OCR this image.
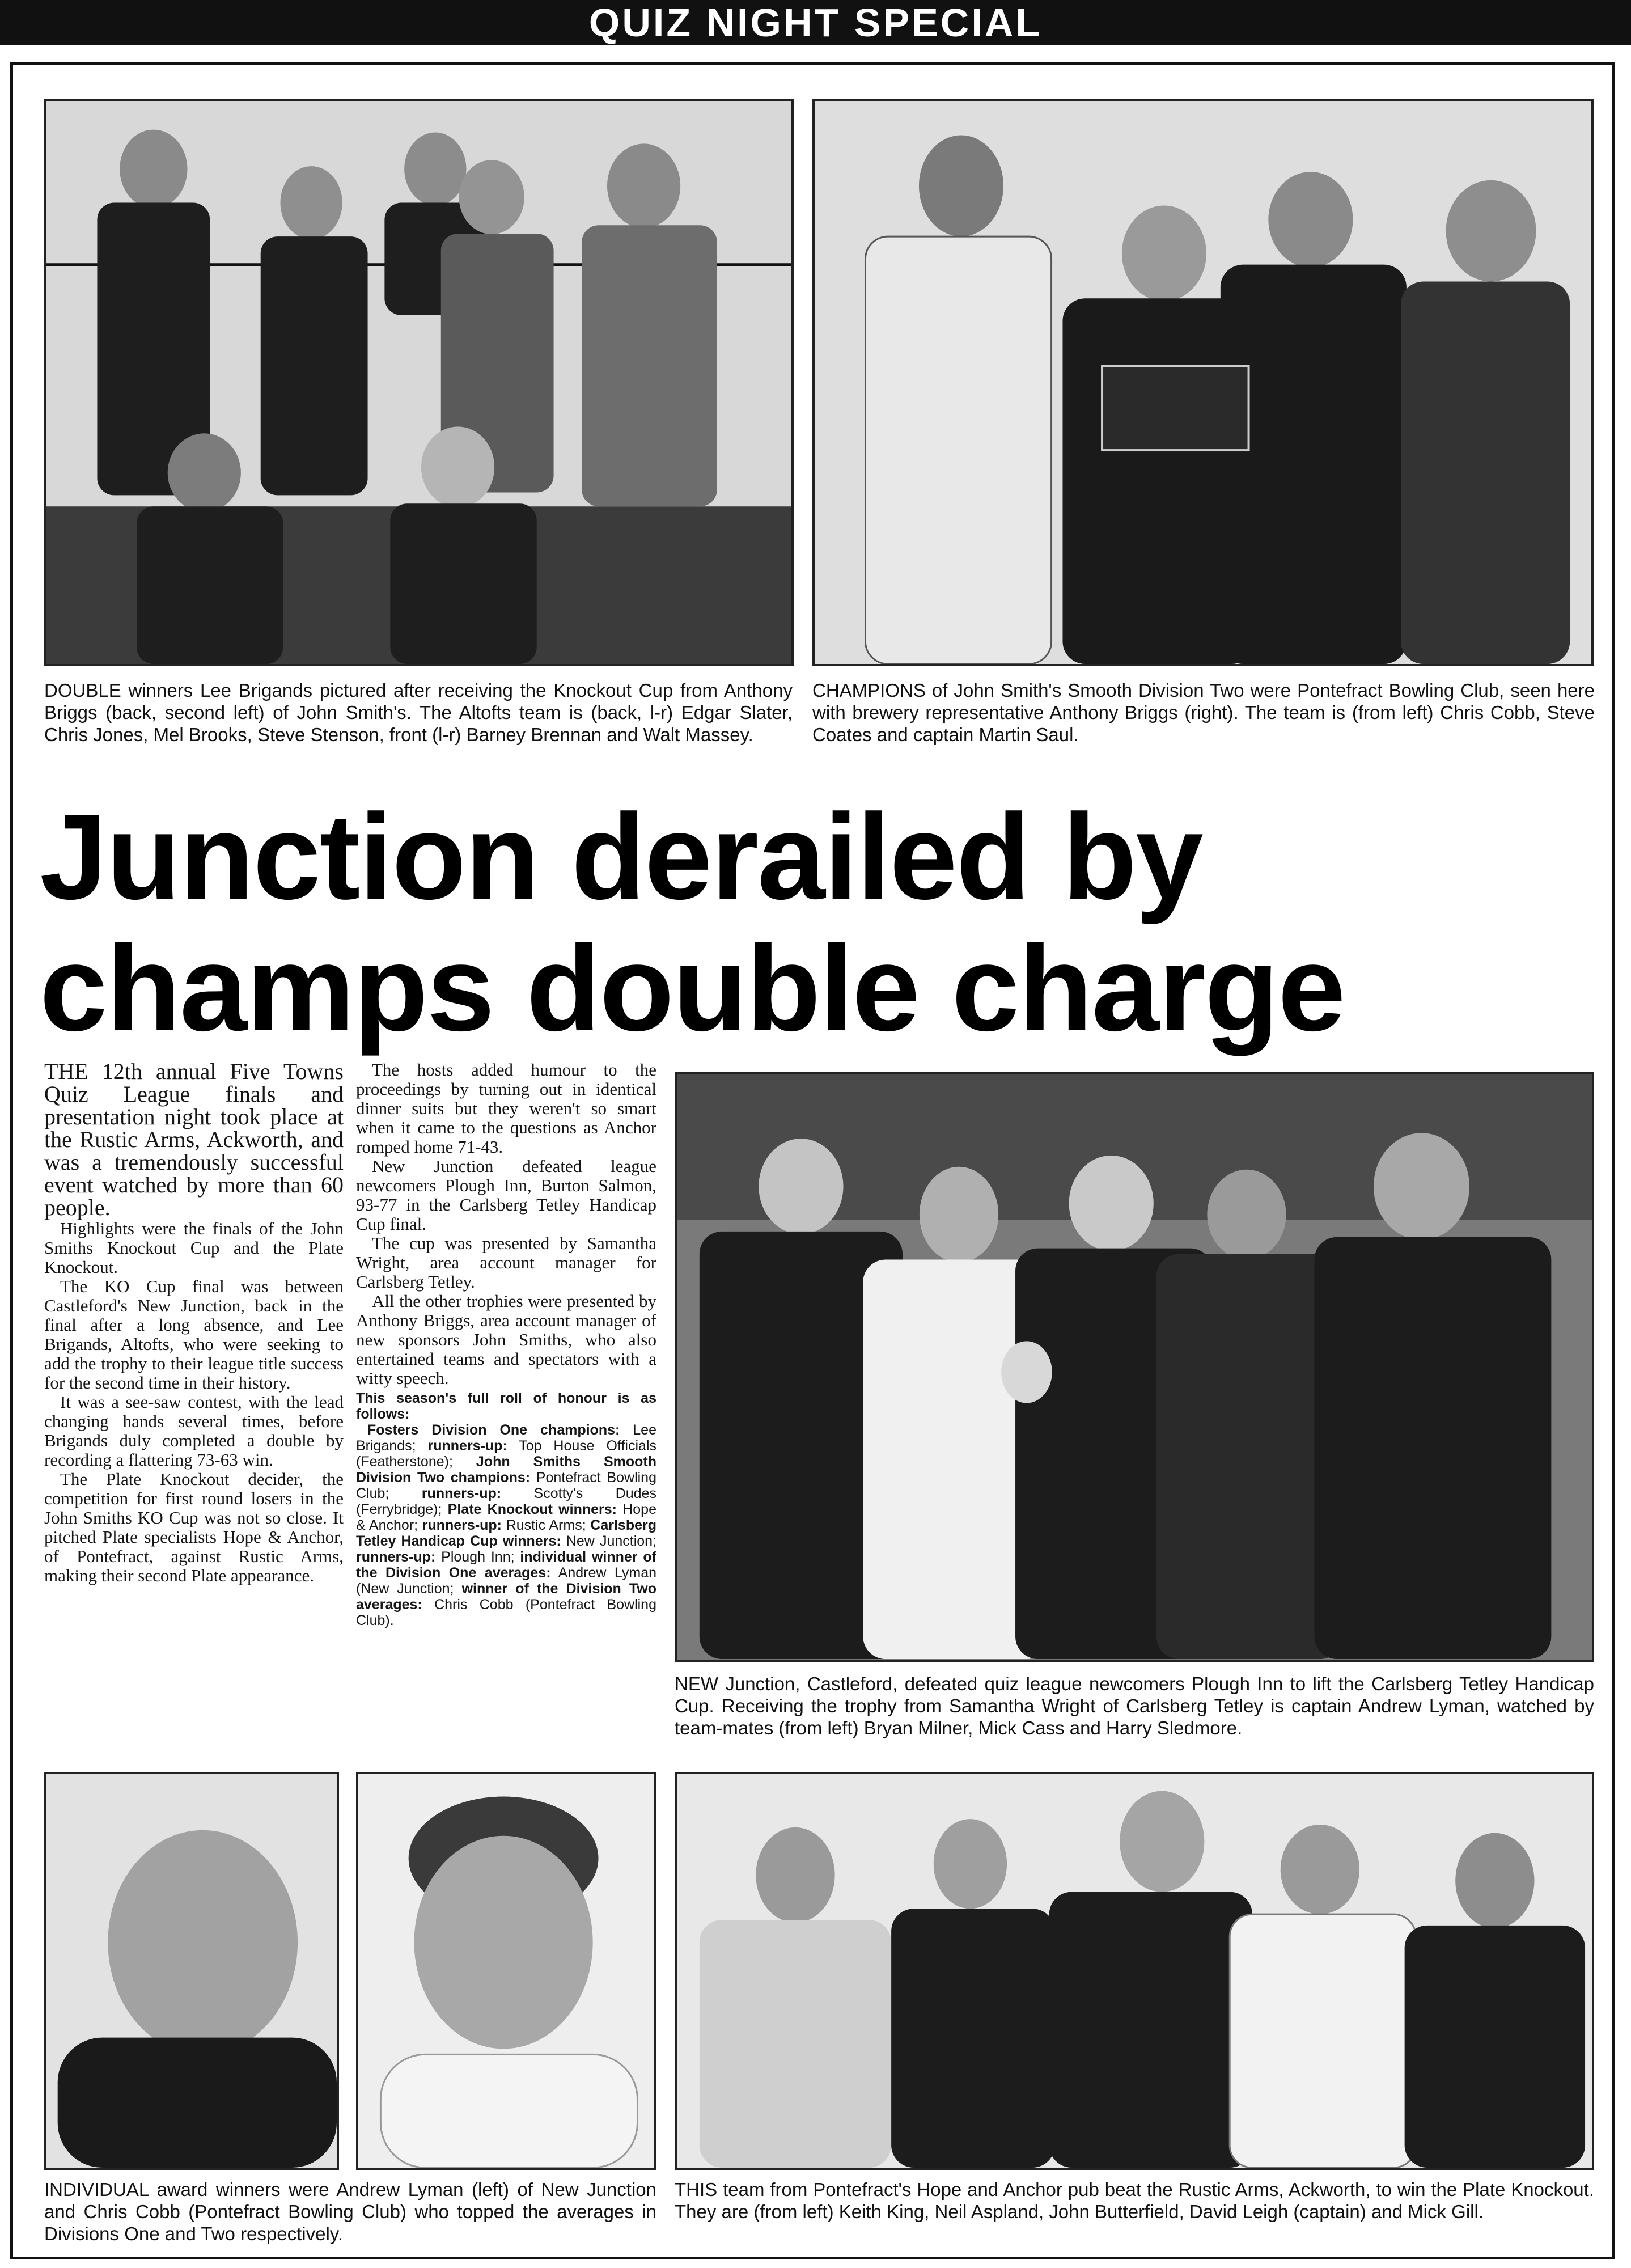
QUIZ NIGHT SPECIAL
DOUBLE winners Lee Brigands pictured after receiving the Knockout Cup from Anthony Briggs (back, second left) of John Smith's. The Altofts team is (back, l-r) Edgar Slater, Chris Jones, Mel Brooks, Steve Stenson, front (l-r) Barney Brennan and Walt Massey.
CHAMPIONS of John Smith's Smooth Division Two were Pontefract Bowling Club, seen here with brewery representative Anthony Briggs (right). The team is (from left) Chris Cobb, Steve Coates and captain Martin Saul.
Junction derailed by
champs double charge

THE 12th annual Five Towns Quiz League finals and presentation night took place at the Rustic Arms, Ackworth, and was a tremendously successful event watched by more than 60 people.

Highlights were the finals of the John Smiths Knockout Cup and the Plate Knockout.

The KO Cup final was between Castleford's New Junction, back in the final after a long absence, and Lee Brigands, Altofts, who were seeking to add the trophy to their league title success for the second time in their history.

It was a see-saw contest, with the lead changing hands several times, before Brigands duly completed a double by recording a flattering 73-63 win.

The Plate Knockout decider, the competition for first round losers in the John Smiths KO Cup was not so close. It pitched Plate specialists Hope & Anchor, of Pontefract, against Rustic Arms, making their second Plate appearance.

The hosts added humour to the proceedings by turning out in identical dinner suits but they weren't so smart when it came to the questions as Anchor romped home 71-43.

New Junction defeated league newcomers Plough Inn, Burton Salmon, 93-77 in the Carlsberg Tetley Handicap Cup final.

The cup was presented by Samantha Wright, area account manager for Carlsberg Tetley.

All the other trophies were presented by Anthony Briggs, area account manager of new sponsors John Smiths, who also entertained teams and spectators with a witty speech.

This season's full roll of honour is as follows:

Fosters Division One champions: Lee Brigands; runners-up: Top House Officials (Featherstone); John Smiths Smooth Division Two champions: Pontefract Bowling Club; runners-up: Scotty's Dudes (Ferrybridge); Plate Knockout winners: Hope & Anchor; runners-up: Rustic Arms; Carlsberg Tetley Handicap Cup winners: New Junction; runners-up: Plough Inn; individual winner of the Division One averages: Andrew Lyman (New Junction; winner of the Division Two averages: Chris Cobb (Pontefract Bowling Club).

NEW Junction, Castleford, defeated quiz league newcomers Plough Inn to lift the Carlsberg Tetley Handicap Cup. Receiving the trophy from Samantha Wright of Carlsberg Tetley is captain Andrew Lyman, watched by team-mates (from left) Bryan Milner, Mick Cass and Harry Sledmore.
INDIVIDUAL award winners were Andrew Lyman (left) of New Junction and Chris Cobb (Pontefract Bowling Club) who topped the averages in Divisions One and Two respectively.
THIS team from Pontefract's Hope and Anchor pub beat the Rustic Arms, Ackworth, to win the Plate Knockout. They are (from left) Keith King, Neil Aspland, John Butterfield, David Leigh (captain) and Mick Gill.
